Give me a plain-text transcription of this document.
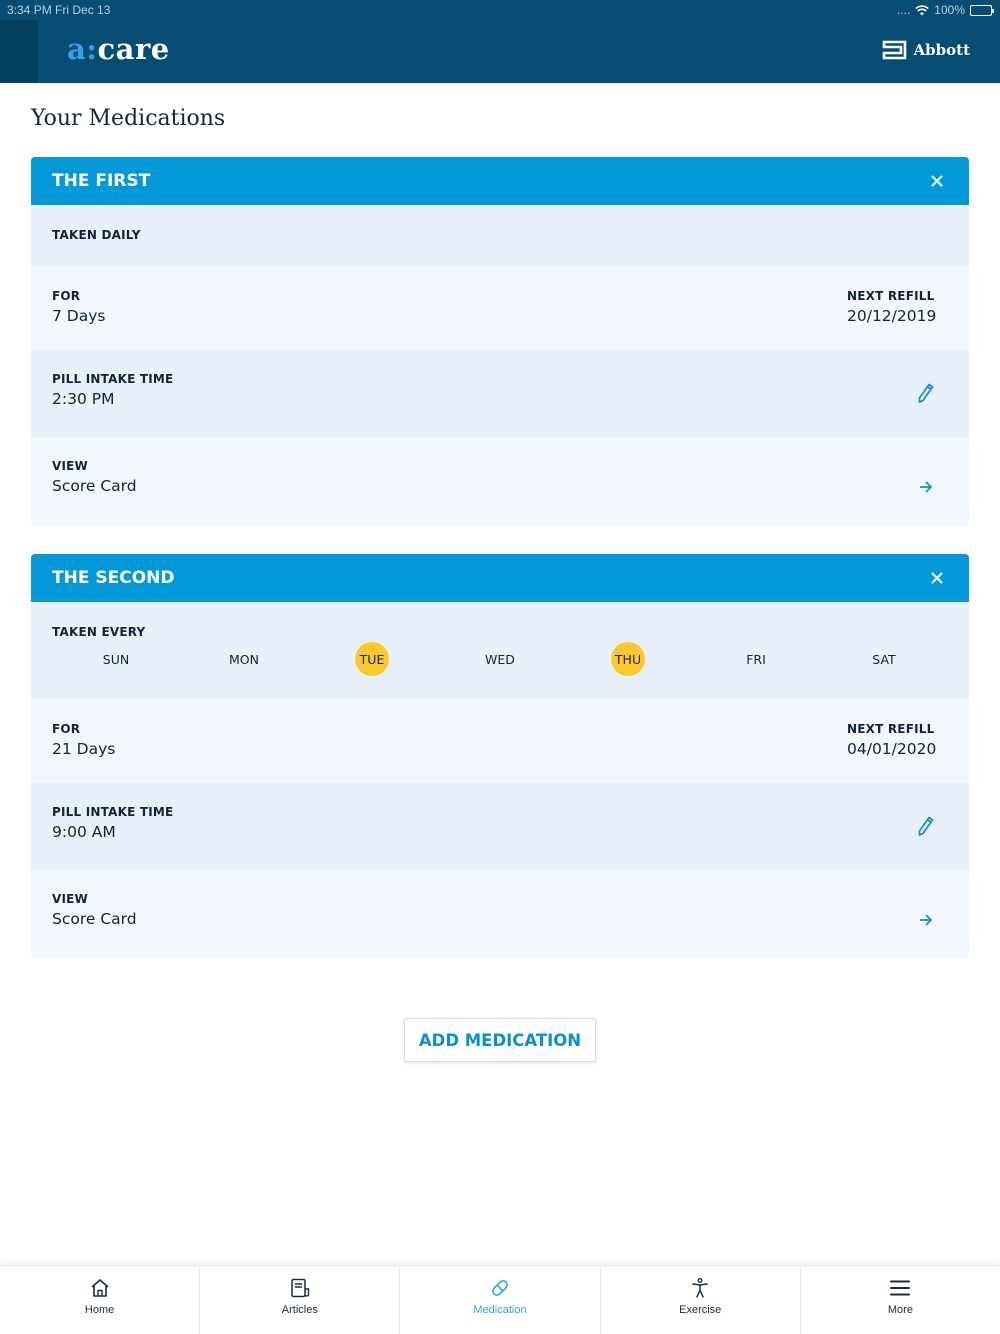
3:34 PM Fri Dec 13	.... 100%
a:care	Abbott
Your Medications
THE FIRST
TAKEN DAILY
FOR
7 Days
NEXT REFILL
20/12/2019
PILL INTAKE TIME
2:30 PM
VIEW
Score Card
THE SECOND
TAKEN EVERY
SUN	MON	TUE	WED	THU	FRI	SAT
FOR
21 Days
NEXT REFILL
04/01/2020
PILL INTAKE TIME
9:00 AM
VIEW
Score Card
ADD MEDICATION
Home	Articles	Medication	Exercise	More
